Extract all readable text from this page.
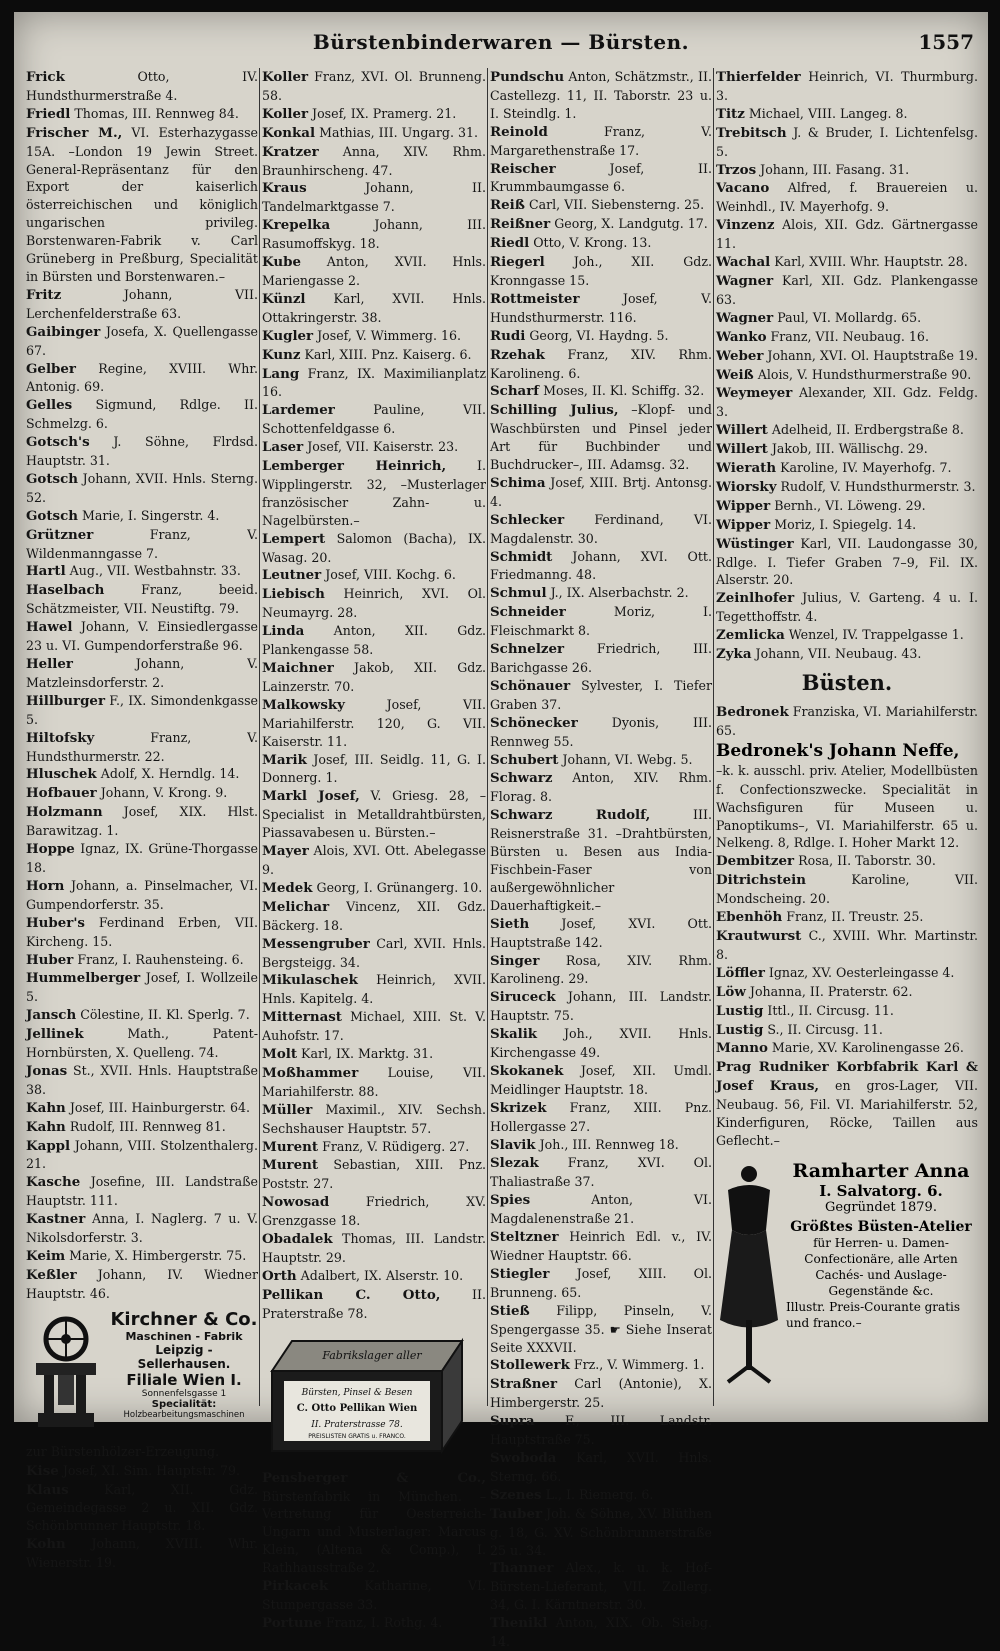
Bürstenbinderwaren — Bürsten.	1557
Frick	Otto, IV. Hundsthurmerstraße 4.
Friedl Thomas, III. Rennweg 84.
Frischer M., VI. Esterhazygasse 15A. –London 19 Jewin Street. General-Repräsentanz für den Export der kaiserlich österreichischen und königlich ungarischen privileg. Borstenwaren-Fabrik v. Carl Grüneberg in Preßburg, Specialität in Bürsten und Borstenwaren.–
Fritz	Johann, VII. Lerchenfelderstraße 63.
Gaibinger Josefa, X. Quellengasse 67.
Gelber Regine, XVIII. Whr. Antonig. 69.
Gelles Sigmund, Rdlge. II. Schmelzg. 6.
Gotsch's J. Söhne, Flrdsd. Hauptstr. 31.
Gotsch Johann, XVII. Hnls. Sterng. 52.
Gotsch Marie, I. Singerstr. 4.
Grützner	Franz, V. Wildenmanngasse 7.
Hartl Aug., VII. Westbahnstr. 33.
Haselbach	Franz, beeid. Schätzmeister, VII. Neustiftg. 79.
Hawel Johann, V. Einsiedlergasse 23 u. VI. Gumpendorferstraße 96.
Heller	Johann, V. Matzleinsdorferstr. 2.
Hillburger F., IX. Simondenkgasse 5.
Hiltofsky	Franz, V. Hundsthurmerstr. 22.
Hluschek Adolf, X. Herndlg. 14.
Hofbauer Johann, V. Krong. 9.
Holzmann Josef, XIX. Hlst. Barawitzag. 1.
Hoppe Ignaz, IX. Grüne-Thorgasse 18.
Horn Johann, a. Pinselmacher, VI. Gumpendorferstr. 35.
Huber's Ferdinand Erben, VII. Kircheng. 15.
Huber Franz, I. Rauhensteing. 6.
Hummelberger Josef, I. Wollzeile 5.
Jansch Cölestine, II. Kl. Sperlg. 7.
Jellinek	Math., Patent-Hornbürsten, X. Quelleng. 74.
Jonas St., XVII. Hnls. Hauptstraße 38.
Kahn Josef, III. Hainburgerstr. 64.
Kahn Rudolf, III. Rennweg 81.
Kappl Johann, VIII. Stolzenthalerg. 21.
Kasche Josefine, III. Landstraße Hauptstr. 111.
Kastner Anna, I. Naglerg. 7 u. V. Nikolsdorferstr. 3.
Keim Marie, X. Himbergerstr. 75.
Keßler Johann, IV. Wiedner Hauptstr. 46.
Kirchner & Co.
Maschinen - Fabrik
Leipzig - Sellerhausen.
Filiale Wien I.
Sonnenfelsgasse 1
Specialität:
Holzbearbeitungsmaschinen
zur Bürstenhölzer-Erzeugung.
Kise Josef, XI. Sim. Hauptstr. 79.
Klaus	Karl, XII. Gdz. Gemeindegasse 2 u. XII. Gdz. Schönbrunner Hauptstr. 18.
Kohn Johann, XVIII. Whr. Wienerstr. 19.
Koller Franz, XVI. Ol. Brunneng. 58.
Koller Josef, IX. Pramerg. 21.
Konkal Mathias, III. Ungarg. 31.
Kratzer Anna, XIV. Rhm. Braunhirscheng. 47.
Kraus	Johann, II. Tandelmarktgasse 7.
Krepelka	Johann, III. Rasumoffskyg. 18.
Kube Anton, XVII. Hnls. Mariengasse 2.
Künzl Karl, XVII. Hnls. Ottakringerstr. 38.
Kugler Josef, V. Wimmerg. 16.
Kunz Karl, XIII. Pnz. Kaiserg. 6.
Lang Franz, IX. Maximilianplatz 16.
Lardemer	Pauline, VII. Schottenfeldgasse 6.
Laser Josef, VII. Kaiserstr. 23.
Lemberger Heinrich, I. Wipplingerstr. 32, –Musterlager französischer Zahn- u. Nagelbürsten.–
Lempert Salomon (Bacha), IX. Wasag. 20.
Leutner Josef, VIII. Kochg. 6.
Liebisch Heinrich, XVI. Ol. Neumayrg. 28.
Linda Anton, XII. Gdz. Plankengasse 58.
Maichner Jakob, XII. Gdz. Lainzerstr. 70.
Malkowsky	Josef, VII. Mariahilferstr. 120, G. VII. Kaiserstr. 11.
Marik Josef, III. Seidlg. 11, G. I. Donnerg. 1.
Markl Josef, V. Griesg. 28, –Specialist in Metalldrahtbürsten, Piassavabesen u. Bürsten.–
Mayer Alois, XVI. Ott. Abelegasse 9.
Medek Georg, I. Grünangerg. 10.
Melichar Vincenz, XII. Gdz. Bäckerg. 18.
Messengruber Carl, XVII. Hnls. Bergsteigg. 34.
Mikulaschek Heinrich, XVII. Hnls. Kapitelg. 4.
Mitternast Michael, XIII. St. V. Auhofstr. 17.
Molt Karl, IX. Marktg. 31.
Moßhammer Louise, VII. Mariahilferstr. 88.
Müller Maximil., XIV. Sechsh. Sechshauser Hauptstr. 57.
Murent Franz, V. Rüdigerg. 27.
Murent Sebastian, XIII. Pnz. Poststr. 27.
Nowosad	Friedrich, XV. Grenzgasse 18.
Obadalek Thomas, III. Landstr. Hauptstr. 29.
Orth Adalbert, IX. Alserstr. 10.
Pellikan C. Otto,	II. Praterstraße 78.
Fabrikslager aller
Bürsten, Pinsel & Besen
C. Otto Pellikan Wien
II. Praterstrasse 78.
PREISLISTEN GRATIS u. FRANCO.
Pensberger & Co., Bürstenfabrik in München. –Vertretung für Oesterreich-Ungarn und Musterlager: Marcus Klein, (Altena & Comp.), I. Rathhausstraße 2.
Pirkacek	Katharine, VI. Stumpergasse 33.
Portune Franz, I. Rothg. 4.
Pundschu Anton, Schätzmstr., II. Castellezg. 11, II. Taborstr. 23 u. I. Steindlg. 1.
Reinold	Franz, V. Margarethenstraße 17.
Reischer	Josef, II. Krummbaumgasse 6.
Reiß Carl, VII. Siebensterng. 25.
Reißner Georg, X. Landgutg. 17.
Riedl Otto, V. Krong. 13.
Riegerl Joh., XII. Gdz. Kronngasse 15.
Rottmeister	Josef, V. Hundsthurmerstr. 116.
Rudi Georg, VI. Haydng. 5.
Rzehak Franz, XIV. Rhm. Karolineng. 6.
Scharf Moses, II. Kl. Schiffg. 32.
Schilling Julius, –Klopf- und Waschbürsten und Pinsel jeder Art für Buchbinder und Buchdrucker–, III. Adamsg. 32.
Schima Josef, XIII. Brtj. Antonsg. 4.
Schlecker Ferdinand, VI. Magdalenstr. 30.
Schmidt Johann, XVI. Ott. Friedmanng. 48.
Schmul J., IX. Alserbachstr. 2.
Schneider	Moriz, I. Fleischmarkt 8.
Schnelzer	Friedrich, III. Barichgasse 26.
Schönauer Sylvester, I. Tiefer Graben 37.
Schönecker	Dyonis, III. Rennweg 55.
Schubert Johann, VI. Webg. 5.
Schwarz Anton, XIV. Rhm. Florag. 8.
Schwarz Rudolf,	III. Reisnerstraße 31. –Drahtbürsten, Bürsten u. Besen aus India-Fischbein-Faser von außergewöhnlicher Dauerhaftigkeit.–
Sieth	Josef, XVI. Ott. Hauptstraße 142.
Singer Rosa, XIV. Rhm. Karolineng. 29.
Siruceck Johann, III. Landstr. Hauptstr. 75.
Skalik Joh., XVII. Hnls. Kirchengasse 49.
Skokanek Josef, XII. Umdl. Meidlinger Hauptstr. 18.
Skrizek Franz, XIII. Pnz. Hollergasse 27.
Slavik Joh., III. Rennweg 18.
Slezak Franz, XVI. Ol. Thaliastraße 37.
Spies	Anton, VI. Magdalenenstraße 21.
Steltzner Heinrich Edl. v., IV. Wiedner Hauptstr. 66.
Stiegler Josef, XIII. Ol. Brunneng. 65.
Stieß Filipp, Pinseln, V. Spengergasse 35. ☛ Siehe Inserat Seite XXXVII.
Stollewerk Frz., V. Wimmerg. 1.
Straßner Carl (Antonie), X. Himbergerstr. 25.
Supra F., III. Landstr. Hauptstraße 75.
Swoboda Karl, XVII. Hnls. Sterng. 66.
Szenes L., I. Riemerg. 6.
Tauber Joh. & Söhne, XV. Blüthen g. 18, G. XV. Schönbrunnerstraße 25 u. 34.
Thanner Alex., k. u. k. Hof-Bürsten-Lieferant, VII. Zollerg. 34, G. I. Kärntnerstr. 30.
Thenikl Anton, XIX. Ob. Siebg. 14.
Thierfelder Heinrich, VI. Thurmburg. 3.
Titz Michael, VIII. Langeg. 8.
Trebitsch J. & Bruder, I. Lichtenfelsg. 5.
Trzos Johann, III. Fasang. 31.
Vacano Alfred, f. Brauereien u. Weinhdl., IV. Mayerhofg. 9.
Vinzenz Alois, XII. Gdz. Gärtnergasse 11.
Wachal Karl, XVIII. Whr. Hauptstr. 28.
Wagner Karl, XII. Gdz. Plankengasse 63.
Wagner Paul, VI. Mollardg. 65.
Wanko Franz, VII. Neubaug. 16.
Weber Johann, XVI. Ol. Hauptstraße 19.
Weiß Alois, V. Hundsthurmerstraße 90.
Weymeyer Alexander, XII. Gdz. Feldg. 3.
Willert Adelheid, II. Erdbergstraße 8.
Willert Jakob, III. Wällischg. 29.
Wierath Karoline, IV. Mayerhofg. 7.
Wiorsky Rudolf, V. Hundsthurmerstr. 3.
Wipper Bernh., VI. Löweng. 29.
Wipper Moriz, I. Spiegelg. 14.
Wüstinger Karl, VII. Laudongasse 30, Rdlge. I. Tiefer Graben 7–9, Fil. IX. Alserstr. 20.
Zeinlhofer Julius, V. Garteng. 4 u. I. Tegetthoffstr. 4.
Zemlicka Wenzel, IV. Trappelgasse 1.
Zyka Johann, VII. Neubaug. 43.
Büsten.
Bedronek Franziska, VI. Mariahilferstr. 65.
Bedronek's Johann Neffe,
–k. k. ausschl. priv. Atelier, Modellbüsten f. Confectionszwecke. Specialität in Wachsfiguren für Museen u. Panoptikums–, VI. Mariahilferstr. 65 u. Nelkeng. 8, Rdlge. I. Hoher Markt 12.
Dembitzer Rosa, II. Taborstr. 30.
Ditrichstein	Karoline, VII. Mondscheing. 20.
Ebenhöh Franz, II. Treustr. 25.
Krautwurst C., XVIII. Whr. Martinstr. 8.
Löffler Ignaz, XV. Oesterleingasse 4.
Löw Johanna, II. Praterstr. 62.
Lustig Ittl., II. Circusg. 11.
Lustig S., II. Circusg. 11.
Manno Marie, XV. Karolinengasse 26.
Prag Rudniker Korbfabrik Karl & Josef Kraus, en gros-Lager, VII. Neubaug. 56, Fil. VI. Mariahilferstr. 52, Kinderfiguren, Röcke, Taillen aus Geflecht.–
Ramharter Anna
I. Salvatorg. 6.
Gegründet 1879.
Größtes Büsten-Atelier
für Herren- u. Damen-Confectionäre, alle Arten Cachés- und Auslage-Gegenstände &c.
Illustr. Preis-Courante gratis und franco.–
